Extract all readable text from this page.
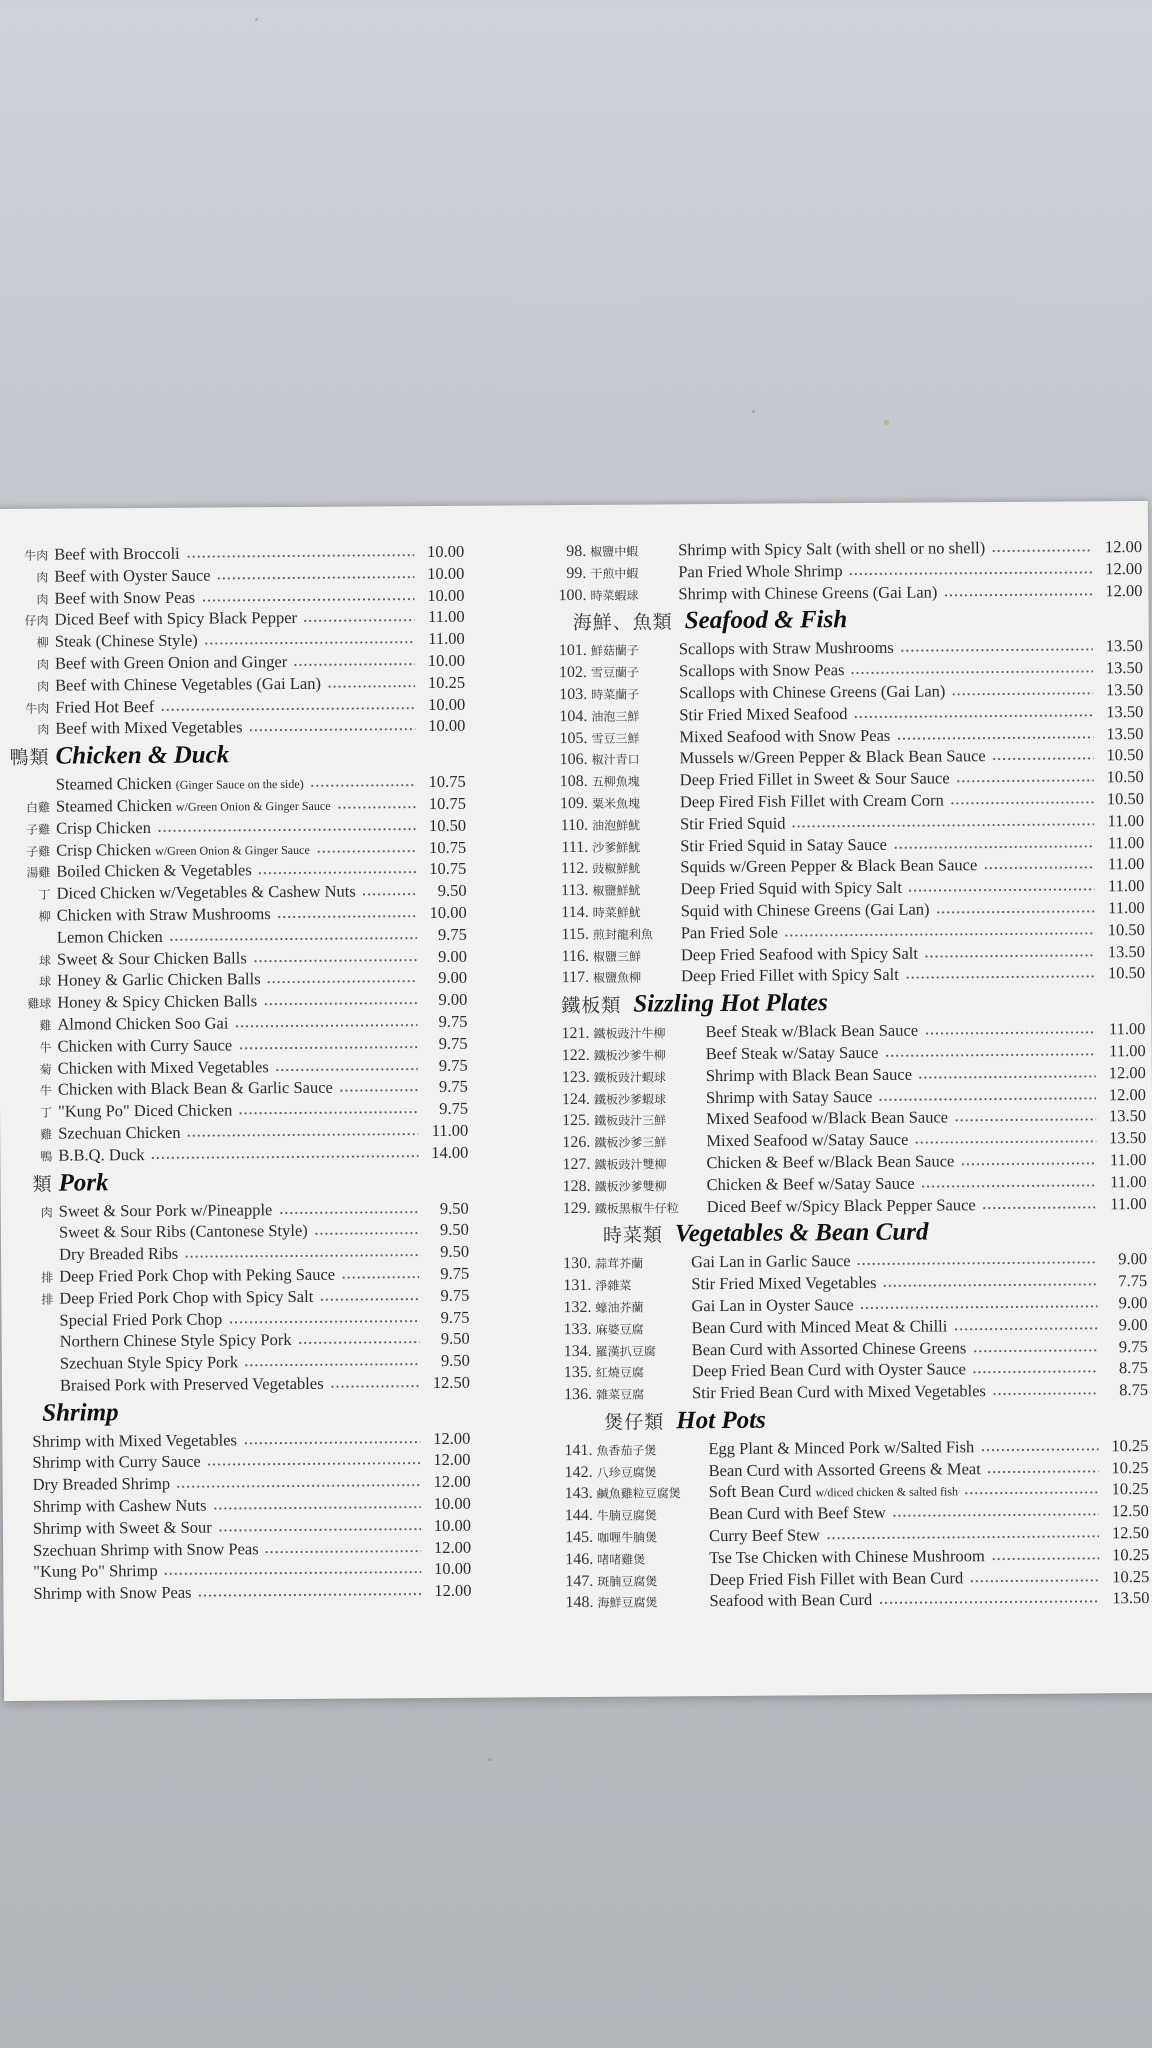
牛肉 Beef with Broccoli	10.00
肉 Beef with Oyster Sauce	10.00
肉 Beef with Snow Peas	10.00
仔肉 Diced Beef with Spicy Black Pepper	11.00
柳 Steak (Chinese Style)	11.00
肉 Beef with Green Onion and Ginger	10.00
肉 Beef with Chinese Vegetables (Gai Lan)	10.25
牛肉 Fried Hot Beef	10.00
肉 Beef with Mixed Vegetables	10.00
鴨類 Chicken & Duck
Steamed Chicken (Ginger Sauce on the side)	10.75
白雞 Steamed Chicken w/Green Onion & Ginger Sauce	10.75
子雞 Crisp Chicken	10.50
子雞 Crisp Chicken w/Green Onion & Ginger Sauce	10.75
湯雞 Boiled Chicken & Vegetables	10.75
丁 Diced Chicken w/Vegetables & Cashew Nuts	9.50
柳 Chicken with Straw Mushrooms	10.00
Lemon Chicken	9.75
球 Sweet & Sour Chicken Balls	9.00
球 Honey & Garlic Chicken Balls	9.00
雞球 Honey & Spicy Chicken Balls	9.00
雞 Almond Chicken Soo Gai	9.75
牛 Chicken with Curry Sauce	9.75
菊 Chicken with Mixed Vegetables	9.75
牛 Chicken with Black Bean & Garlic Sauce	9.75
丁 "Kung Po" Diced Chicken	9.75
雞 Szechuan Chicken	11.00
鴨 B.B.Q. Duck	14.00
類 Pork
肉 Sweet & Sour Pork w/Pineapple	9.50
Sweet & Sour Ribs (Cantonese Style)	9.50
Dry Breaded Ribs	9.50
排 Deep Fried Pork Chop with Peking Sauce	9.75
排 Deep Fried Pork Chop with Spicy Salt	9.75
Special Fried Pork Chop	9.75
Northern Chinese Style Spicy Pork	9.50
Szechuan Style Spicy Pork	9.50
Braised Pork with Preserved Vegetables	12.50
Shrimp
Shrimp with Mixed Vegetables	12.00
Shrimp with Curry Sauce	12.00
Dry Breaded Shrimp	12.00
Shrimp with Cashew Nuts	10.00
Shrimp with Sweet & Sour	10.00
Szechuan Shrimp with Snow Peas	12.00
"Kung Po" Shrimp	10.00
Shrimp with Snow Peas	12.00
98. 椒鹽中蝦	Shrimp with Spicy Salt (with shell or no shell)	12.00
99. 干煎中蝦	Pan Fried Whole Shrimp	12.00
100. 時菜蝦球	Shrimp with Chinese Greens (Gai Lan)	12.00
海鮮、魚類 Seafood & Fish
101. 鮮菇蘭子	Scallops with Straw Mushrooms	13.50
102. 雪豆蘭子	Scallops with Snow Peas	13.50
103. 時菜蘭子	Scallops with Chinese Greens (Gai Lan)	13.50
104. 油泡三鮮	Stir Fried Mixed Seafood	13.50
105. 雪豆三鮮	Mixed Seafood with Snow Peas	13.50
106. 椒汁青口	Mussels w/Green Pepper & Black Bean Sauce	10.50
108. 五柳魚塊	Deep Fried Fillet in Sweet & Sour Sauce	10.50
109. 粟米魚塊	Deep Fired Fish Fillet with Cream Corn	10.50
110. 油泡鮮魷	Stir Fried Squid	11.00
111. 沙爹鮮魷	Stir Fried Squid in Satay Sauce	11.00
112. 豉椒鮮魷	Squids w/Green Pepper & Black Bean Sauce	11.00
113. 椒鹽鮮魷	Deep Fried Squid with Spicy Salt	11.00
114. 時菜鮮魷	Squid with Chinese Greens (Gai Lan)	11.00
115. 煎封龍利魚	Pan Fried Sole	10.50
116. 椒鹽三鮮	Deep Fried Seafood with Spicy Salt	13.50
117. 椒鹽魚柳	Deep Fried Fillet with Spicy Salt	10.50
鐵板類 Sizzling Hot Plates
121. 鐵板豉汁牛柳	Beef Steak w/Black Bean Sauce	11.00
122. 鐵板沙爹牛柳	Beef Steak w/Satay Sauce	11.00
123. 鐵板豉汁蝦球	Shrimp with Black Bean Sauce	12.00
124. 鐵板沙爹蝦球	Shrimp with Satay Sauce	12.00
125. 鐵板豉汁三鮮	Mixed Seafood w/Black Bean Sauce	13.50
126. 鐵板沙爹三鮮	Mixed Seafood w/Satay Sauce	13.50
127. 鐵板豉汁雙柳	Chicken & Beef w/Black Bean Sauce	11.00
128. 鐵板沙爹雙柳	Chicken & Beef w/Satay Sauce	11.00
129. 鐵板黑椒牛仔粒	Diced Beef w/Spicy Black Pepper Sauce	11.00
時菜類 Vegetables & Bean Curd
130. 蒜茸芥蘭	Gai Lan in Garlic Sauce	9.00
131. 淨雜菜	Stir Fried Mixed Vegetables	7.75
132. 蠔油芥蘭	Gai Lan in Oyster Sauce	9.00
133. 麻婆豆腐	Bean Curd with Minced Meat & Chilli	9.00
134. 羅漢扒豆腐	Bean Curd with Assorted Chinese Greens	9.75
135. 紅燒豆腐	Deep Fried Bean Curd with Oyster Sauce	8.75
136. 雜菜豆腐	Stir Fried Bean Curd with Mixed Vegetables	8.75
煲仔類 Hot Pots
141. 魚香茄子煲	Egg Plant & Minced Pork w/Salted Fish	10.25
142. 八珍豆腐煲	Bean Curd with Assorted Greens & Meat	10.25
143. 鹹魚雞粒豆腐煲	Soft Bean Curd w/diced chicken & salted fish	10.25
144. 牛腩豆腐煲	Bean Curd with Beef Stew	12.50
145. 咖喱牛腩煲	Curry Beef Stew	12.50
146. 啫啫雞煲	Tse Tse Chicken with Chinese Mushroom	10.25
147. 斑腩豆腐煲	Deep Fried Fish Fillet with Bean Curd	10.25
148. 海鮮豆腐煲	Seafood with Bean Curd	13.50
